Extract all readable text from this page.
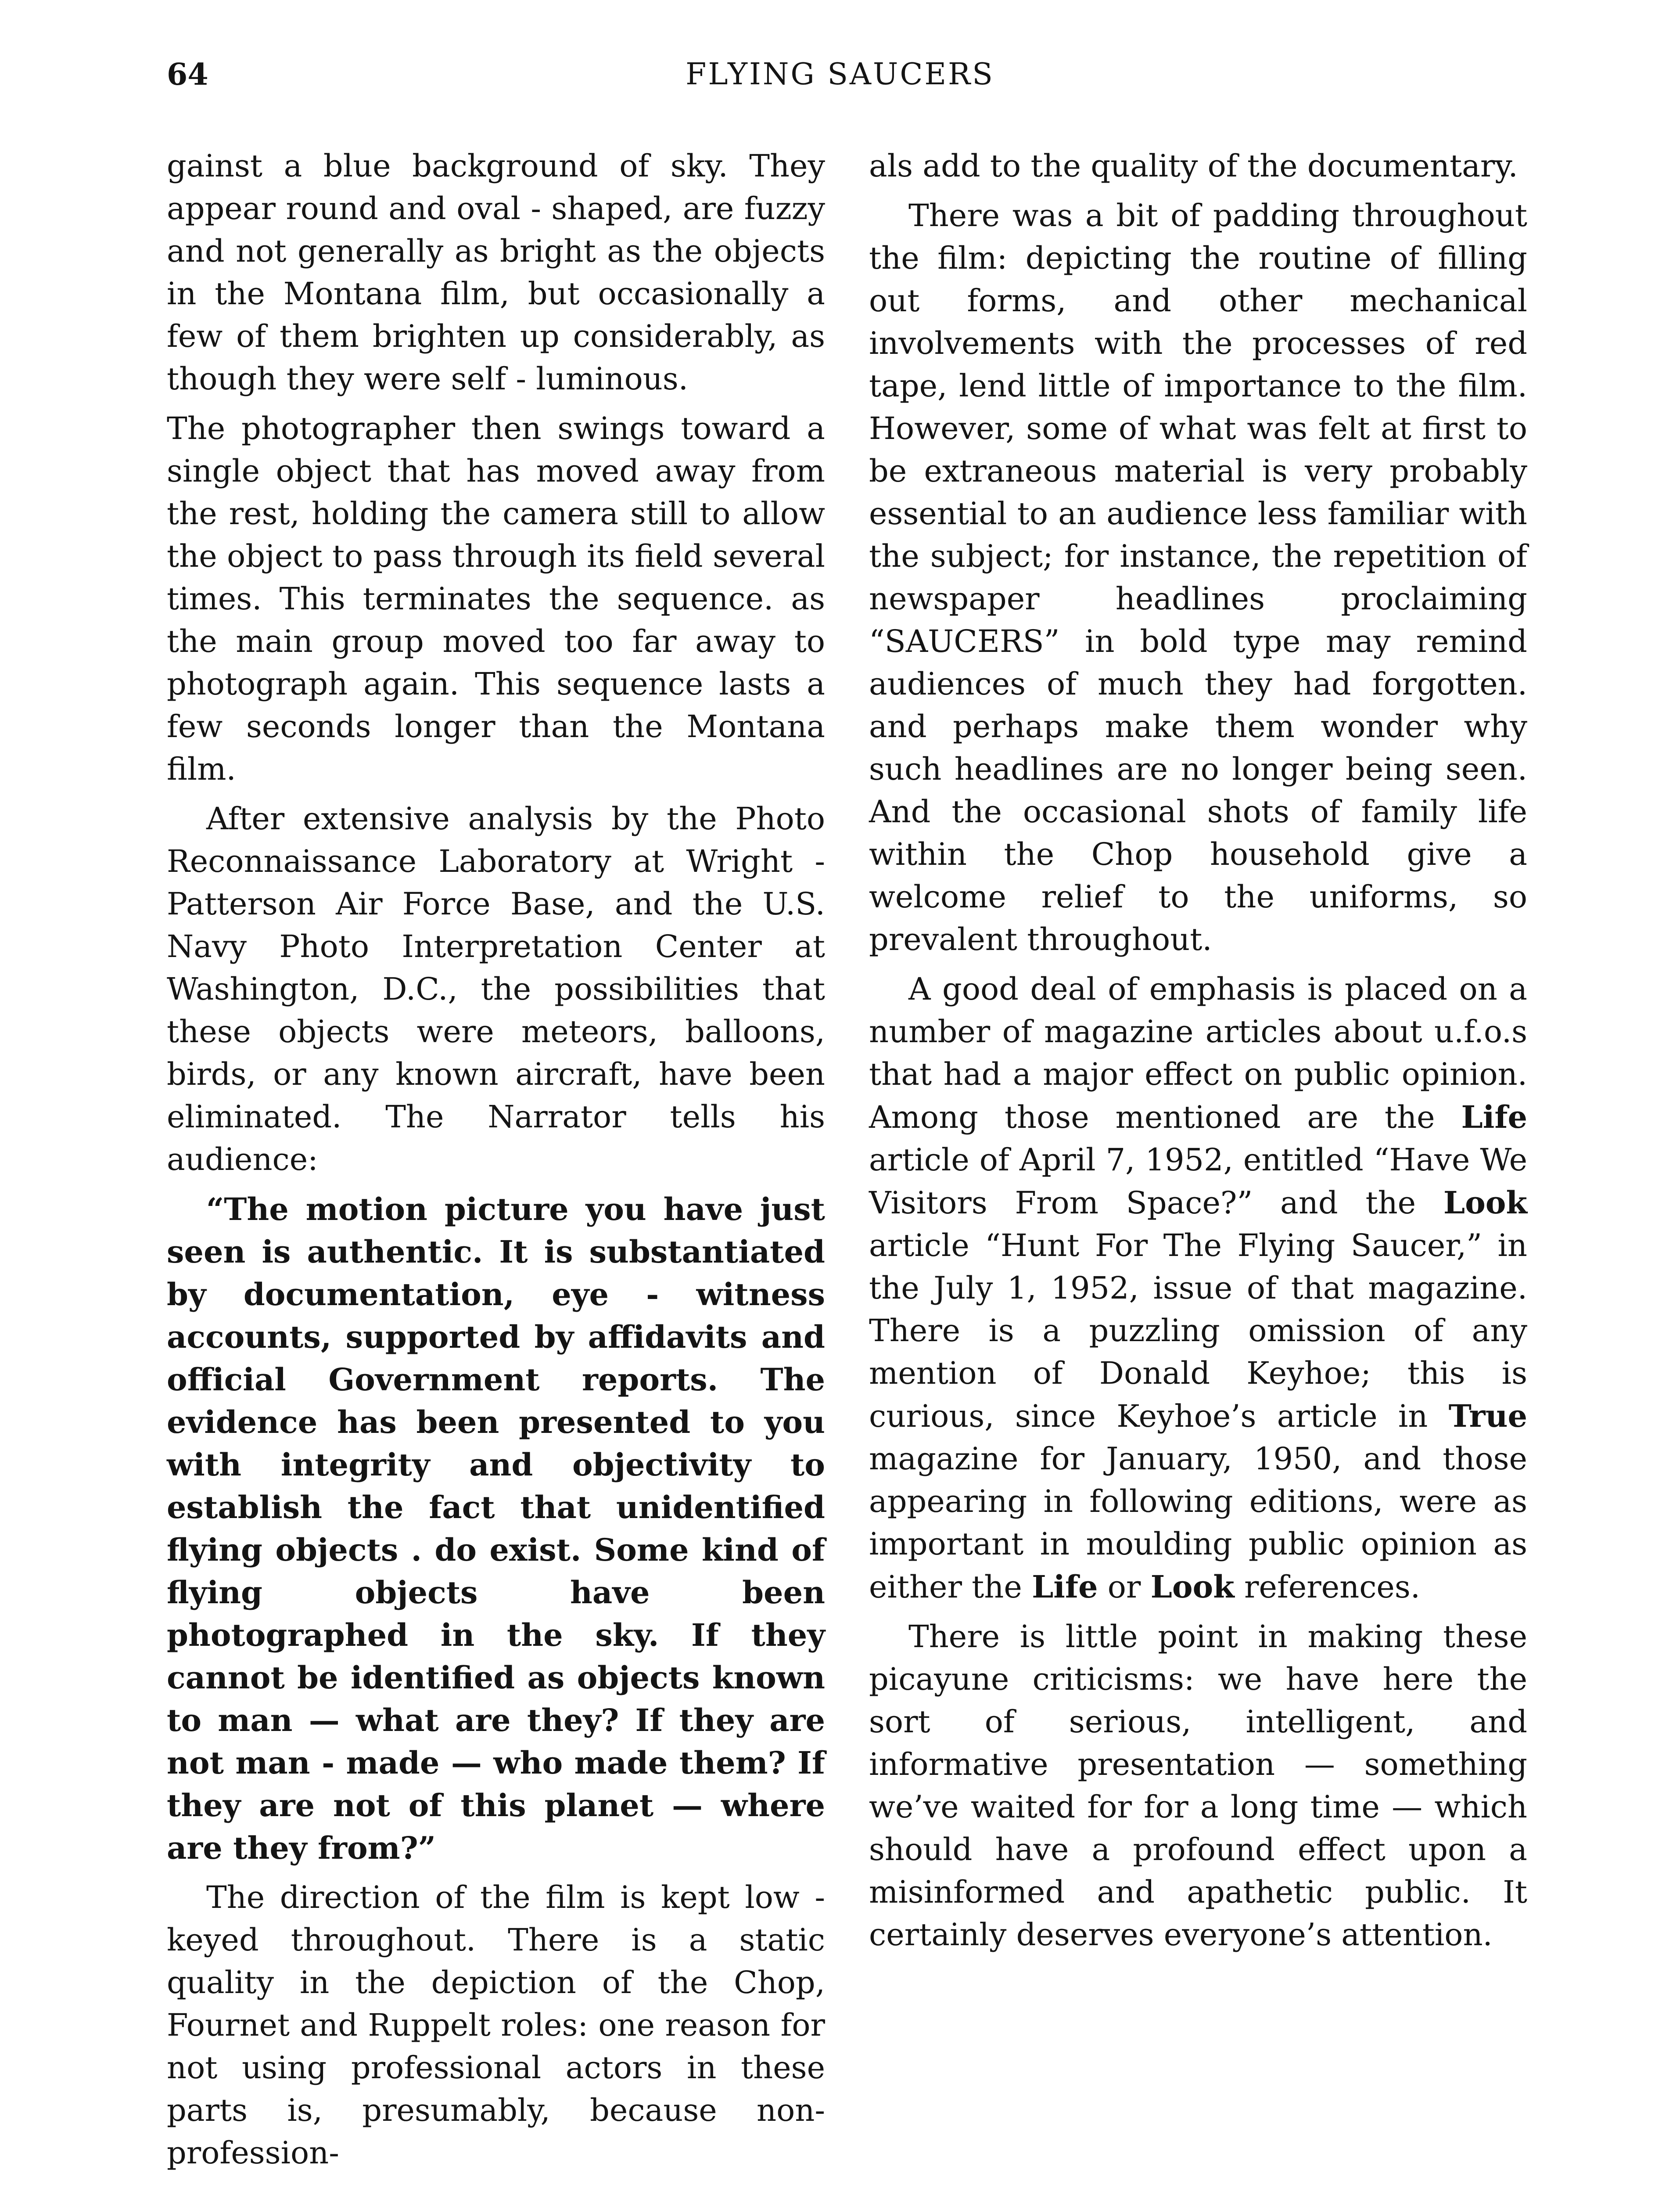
64	FLYING SAUCERS

gainst a blue background of sky. They appear round and oval - shaped, are fuzzy and not generally as bright as the objects in the Montana film, but occasionally a few of them brighten up considerably, as though they were self - luminous.

The photographer then swings toward a single object that has moved away from the rest, holding the camera still to allow the object to pass through its field several times. This terminates the sequence. as the main group moved too far away to photograph again. This sequence lasts a few seconds longer than the Montana film.

After extensive analysis by the Photo Reconnaissance Laboratory at Wright - Patterson Air Force Base, and the U.S. Navy Photo Interpretation Center at Washington, D.C., the possibilities that these objects were meteors, balloons, birds, or any known aircraft, have been eliminated. The Narrator tells his audience:

“The motion picture you have just seen is authentic. It is substantiated by documentation, eye - witness accounts, supported by affidavits and official Government reports. The evidence has been presented to you with integrity and objectivity to establish the fact that unidentified flying objects . do exist. Some kind of flying objects have been photographed in the sky. If they cannot be identified as objects known to man — what are they? If they are not man - made — who made them? If they are not of this planet — where are they from?”

The direction of the film is kept low - keyed throughout. There is a static quality in the depiction of the Chop, Fournet and Ruppelt roles: one reason for not using professional actors in these parts is, presumably, because non-profession-

als add to the quality of the documentary.

There was a bit of padding throughout the film: depicting the routine of filling out forms, and other mechanical involvements with the processes of red tape, lend little of importance to the film. However, some of what was felt at first to be extraneous material is very probably essential to an audience less familiar with the subject; for instance, the repetition of newspaper headlines proclaiming “SAUCERS” in bold type may remind audiences of much they had forgotten. and perhaps make them wonder why such headlines are no longer being seen. And the occasional shots of family life within the Chop household give a welcome relief to the uniforms, so prevalent throughout.

A good deal of emphasis is placed on a number of magazine articles about u.f.o.s that had a major effect on public opinion. Among those mentioned are the Life article of April 7, 1952, entitled “Have We Visitors From Space?” and the Look article “Hunt For The Flying Saucer,” in the July 1, 1952, issue of that magazine. There is a puzzling omission of any mention of Donald Keyhoe; this is curious, since Keyhoe’s article in True magazine for January, 1950, and those appearing in following editions, were as important in moulding public opinion as either the Life or Look references.

There is little point in making these picayune criticisms: we have here the sort of serious, intelligent, and informative presentation — something we’ve waited for for a long time — which should have a profound effect upon a misinformed and apathetic public. It certainly deserves everyone’s attention.
